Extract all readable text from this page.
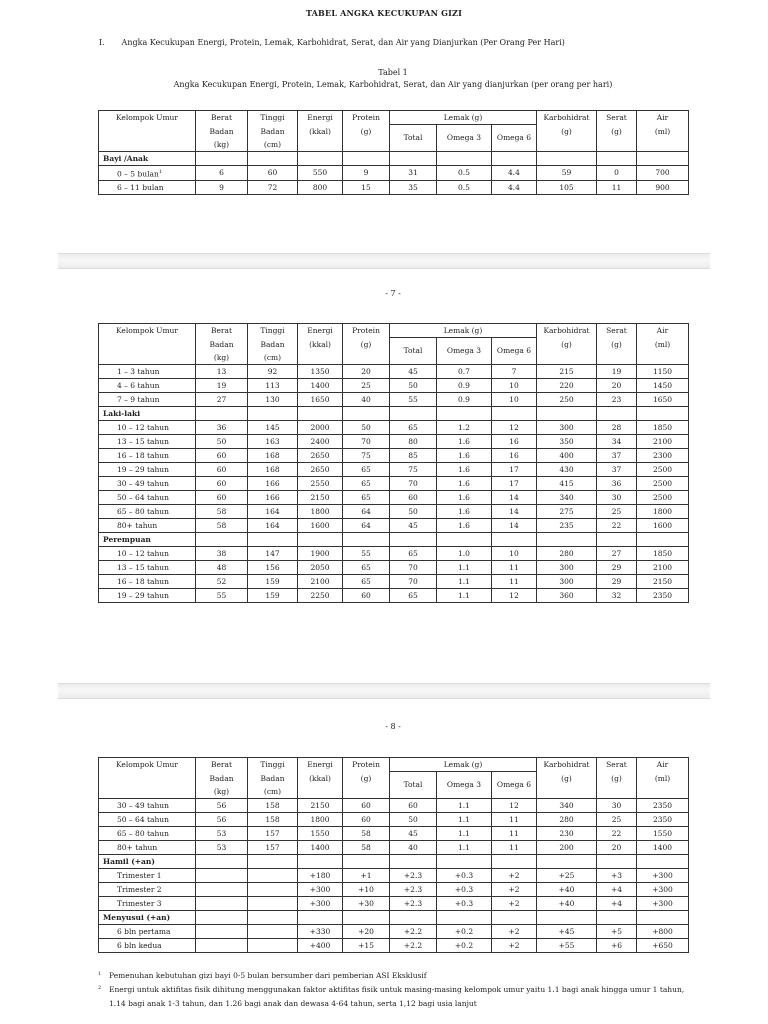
TABEL ANGKA KECUKUPAN GIZI
I. Angka Kecukupan Energi, Protein, Lemak, Karbohidrat, Serat, dan Air yang Dianjurkan (Per Orang Per Hari)
Tabel 1
Angka Kecukupan Energi, Protein, Lemak, Karbohidrat, Serat, dan Air yang dianjurkan (per orang per hari)
Kelompok Umur	Berat	Tinggi	Energi	Protein	Lemak (g)			Karbohidrat	Serat	Air
	Badan	Badan	(kkal)	(g)	Total	Omega 3	Omega 6	(g)	(g)	(ml)
	(kg)	(cm)								
Bayi /Anak										
0 – 5 bulan$^1$	6	60	550	9	31	0.5	4.4	59	0	700
6 – 11 bulan	9	72	800	15	35	0.5	4.4	105	11	900
- 7 -
Kelompok Umur	Berat	Tinggi	Energi	Protein	Lemak (g)			Karbohidrat	Serat	Air
	Badan	Badan	(kkal)	(g)	Total	Omega 3	Omega 6	(g)	(g)	(ml)
	(kg)	(cm)								
1 – 3 tahun	13	92	1350	20	45	0.7	7	215	19	1150
4 – 6 tahun	19	113	1400	25	50	0.9	10	220	20	1450
7 – 9 tahun	27	130	1650	40	55	0.9	10	250	23	1650
Laki-laki										
10 – 12 tahun	36	145	2000	50	65	1.2	12	300	28	1850
13 – 15 tahun	50	163	2400	70	80	1.6	16	350	34	2100
16 – 18 tahun	60	168	2650	75	85	1.6	16	400	37	2300
19 – 29 tahun	60	168	2650	65	75	1.6	17	430	37	2500
30 – 49 tahun	60	166	2550	65	70	1.6	17	415	36	2500
50 – 64 tahun	60	166	2150	65	60	1.6	14	340	30	2500
65 – 80 tahun	58	164	1800	64	50	1.6	14	275	25	1800
80+ tahun	58	164	1600	64	45	1.6	14	235	22	1600
Perempuan										
10 – 12 tahun	38	147	1900	55	65	1.0	10	280	27	1850
13 – 15 tahun	48	156	2050	65	70	1.1	11	300	29	2100
16 – 18 tahun	52	159	2100	65	70	1.1	11	300	29	2150
19 – 29 tahun	55	159	2250	60	65	1.1	12	360	32	2350
- 8 -
Kelompok Umur	Berat	Tinggi	Energi	Protein	Lemak (g)			Karbohidrat	Serat	Air
	Badan	Badan	(kkal)	(g)	Total	Omega 3	Omega 6	(g)	(g)	(ml)
	(kg)	(cm)								
30 – 49 tahun	56	158	2150	60	60	1.1	12	340	30	2350
50 – 64 tahun	56	158	1800	60	50	1.1	11	280	25	2350
65 – 80 tahun	53	157	1550	58	45	1.1	11	230	22	1550
80+ tahun	53	157	1400	58	40	1.1	11	200	20	1400
Hamil (+an)										
Trimester 1			+180	+1	+2.3	+0.3	+2	+25	+3	+300
Trimester 2			+300	+10	+2.3	+0.3	+2	+40	+4	+300
Trimester 3			+300	+30	+2.3	+0.3	+2	+40	+4	+300
Menyusui (+an)										
6 bln pertama			+330	+20	+2.2	+0.2	+2	+45	+5	+800
6 bln kedua			+400	+15	+2.2	+0.2	+2	+55	+6	+650
1 Pemenuhan kebutuhan gizi bayi 0-5 bulan bersumber dari pemberian ASI Eksklusif
2 Energi untuk aktifitas fisik dihitung menggunakan faktor aktifitas fisik untuk masing-masing kelompok umur yaitu 1.1 bagi anak hingga umur 1 tahun, 1.14 bagi anak 1-3 tahun, dan 1.26 bagi anak dan dewasa 4-64 tahun, serta 1,12 bagi usia lanjut
